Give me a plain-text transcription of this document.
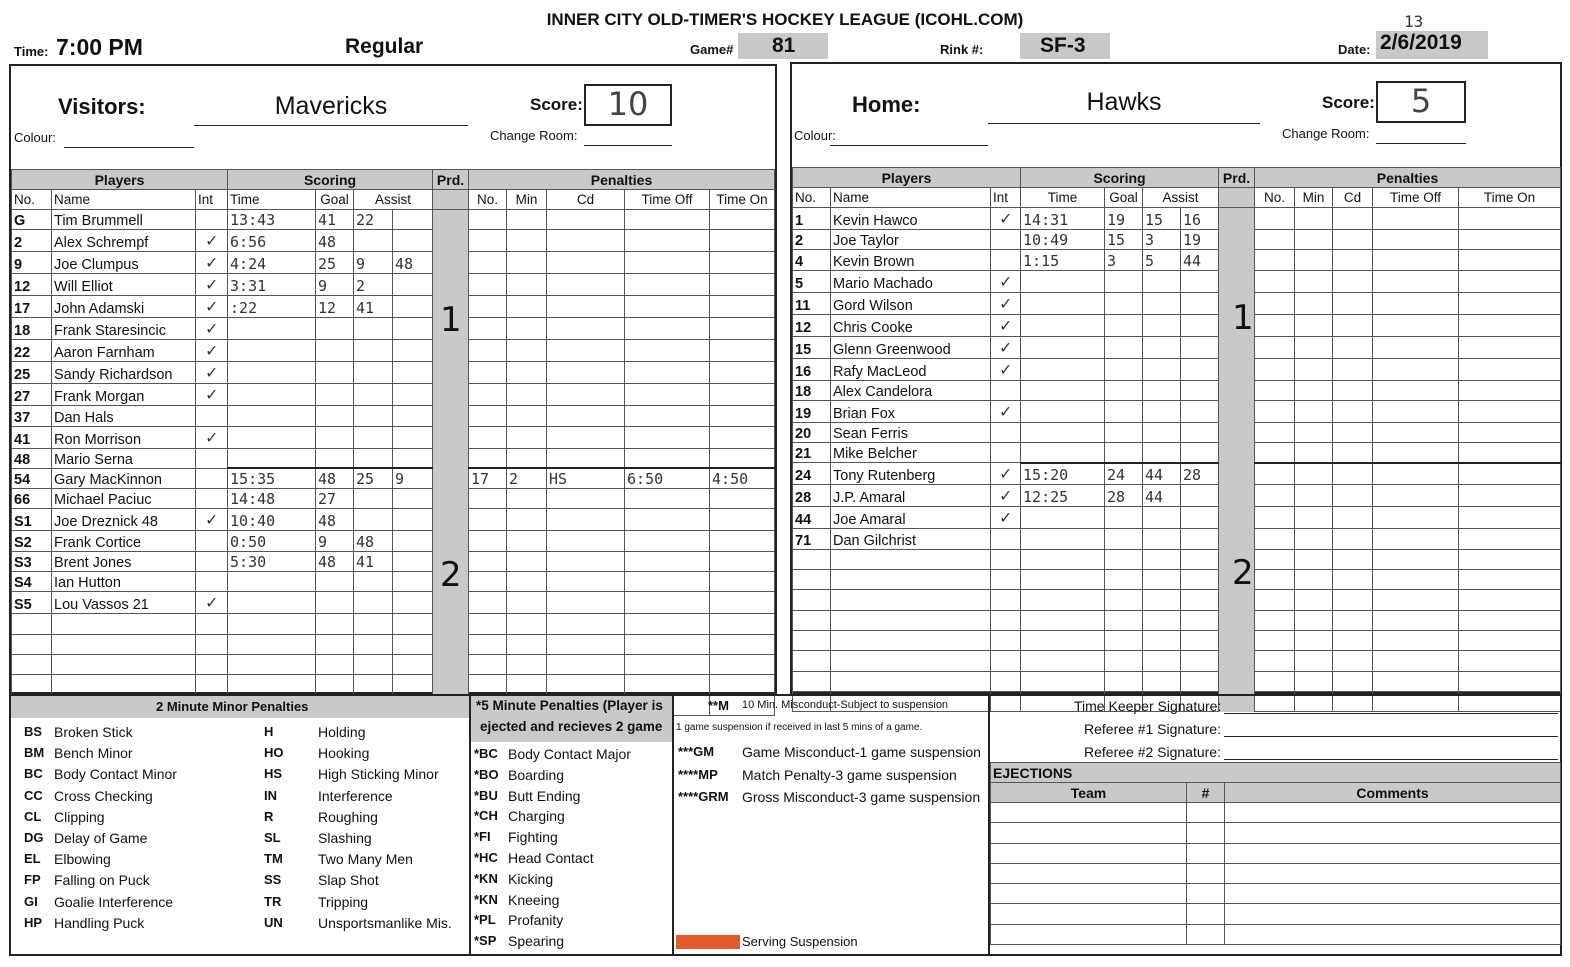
INNER CITY OLD-TIMER'S HOCKEY LEAGUE (ICOHL.COM)
Time: 7:00 PM	Regular	Game# 81	Rink #:	SF-3	Date: 2/6/2019
13
Visitors:	Mavericks	Score: 10
Colour:	Change Room:
Players			Scoring				Prd.	Penalties				
No.	Name	Int	Time	Goal	Assist			No.	Min	Cd	Time Off	Time On
G	Tim Brummell		13:43	41	22							
2	Alex Schrempf	✓	6:56	48								
9	Joe Clumpus	✓	4:24	25	9	48						
12	Will Elliot	✓	3:31	9	2							
17	John Adamski	✓	:22	12	41							
18	Frank Staresincic	✓										
22	Aaron Farnham	✓										
25	Sandy Richardson	✓										
27	Frank Morgan	✓										
37	Dan Hals											
41	Ron Morrison	✓										
48	Mario Serna											
54	Gary MacKinnon		15:35	48	25	9		17	2	HS	6:50	4:50
66	Michael Paciuc		14:48	27								
S1	Joe Dreznick 48	✓	10:40	48								
S2	Frank Cortice		0:50	9	48							
S3	Brent Jones		5:30	48	41							
S4	Ian Hutton											
S5	Lou Vassos 21	✓										

1
2
Home:	Hawks	Score:	5
Colour:	Change Room:
Players			Scoring				Prd.	Penalties				
No.	Name	Int	Time	Goal	Assist			No.	Min	Cd	Time Off	Time On
1	Kevin Hawco	✓	14:31	19	15	16						
2	Joe Taylor		10:49	15	3	19						
4	Kevin Brown		1:15	3	5	44						
5	Mario Machado	✓										
11	Gord Wilson	✓										
12	Chris Cooke	✓										
15	Glenn Greenwood	✓										
16	Rafy MacLeod	✓										
18	Alex Candelora											
19	Brian Fox	✓										
20	Sean Ferris											
21	Mike Belcher											
24	Tony Rutenberg	✓	15:20	24	44	28						
28	J.P. Amaral	✓	12:25	28	44							
44	Joe Amaral	✓										
71	Dan Gilchrist											

1
2
2 Minute Minor Penalties	*5 Minute Penalties (Player is
ejected and recieves 2 game
BS Broken Stick
BM Bench Minor
BC Body Contact Minor
CC Cross Checking
CL Clipping
DG Delay of Game
EL Elbowing
FP Falling on Puck
GI Goalie Interference
HP Handling Puck
H	Holding
HO Hooking
HS	High Sticking Minor
IN	Interference
R	Roughing
SL	Slashing
TM	Two Many Men
SS	Slap Shot
TR	Tripping
UN	Unsportsmanlike Mis.
*BC Body Contact Major
*BO Boarding
*BU Butt Ending
*CH Charging
*FI Fighting
*HC Head Contact
*KN Kicking
*KN Kneeing
*PL Profanity
*SP Spearing
**M 10 Min. Misconduct-Subject to suspension
1 game suspension if received in last 5 mins of a game.
***GM Game Misconduct-1 game suspension
****MP Match Penalty-3 game suspension
****GRM Gross Misconduct-3 game suspension
Serving Suspension
Time Keeper Signature:
Referee #1 Signature:
Referee #2 Signature:
EJECTIONS		
Team	#	Comments
